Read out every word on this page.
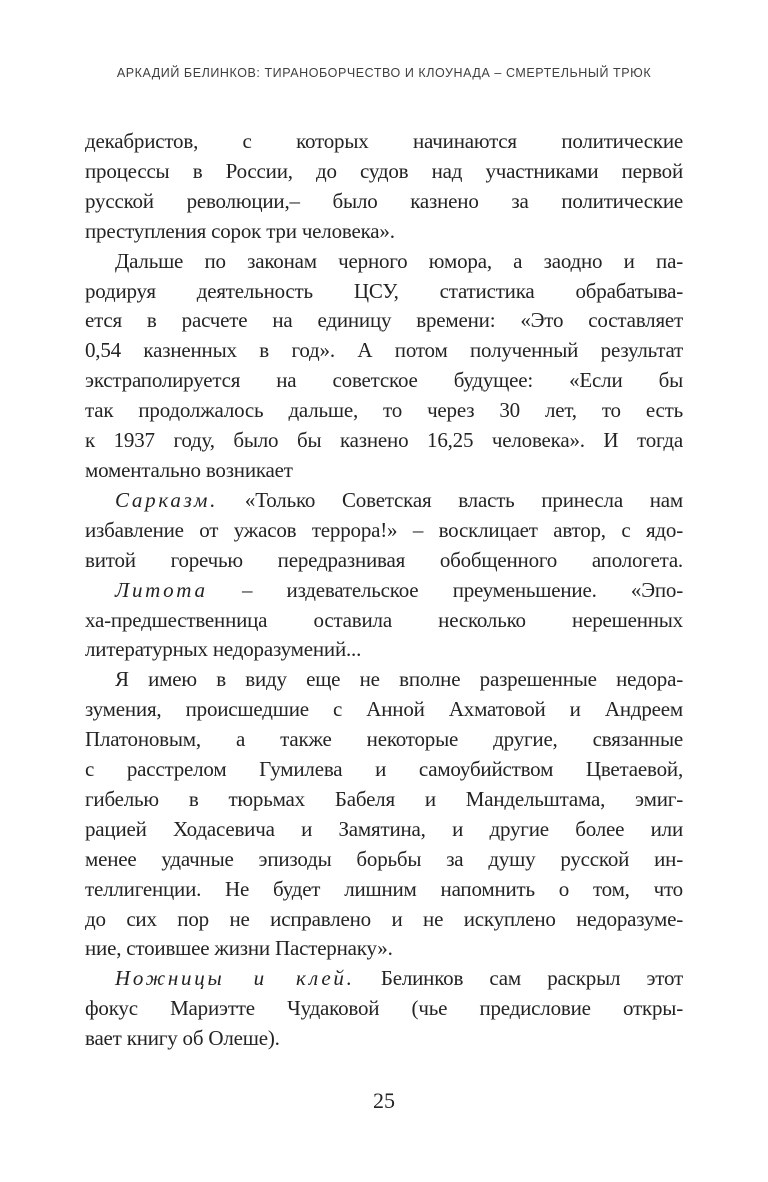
АРКАДИЙ БЕЛИНКОВ: ТИРАНОБОРЧЕСТВО И КЛОУНАДА – СМЕРТЕЛЬНЫЙ ТРЮК
декабристов, с которых начинаются политические
процессы в России, до судов над участниками первой
русской революции,– было казнено за политические
преступления сорок три человека».
Дальше по законам черного юмора, а заодно и па-
родируя деятельность ЦСУ, статистика обрабатыва-
ется в расчете на единицу времени: «Это составляет
0,54 казненных в год». А потом полученный результат
экстраполируется на советское будущее: «Если бы
так продолжалось дальше, то через 30 лет, то есть
к 1937 году, было бы казнено 16,25 человека». И тогда
моментально возникает
Сарказм. «Только Советская власть принесла нам
избавление от ужасов террора!» – восклицает автор, с ядо-
витой горечью передразнивая обобщенного апологета.
Литота – издевательское преуменьшение. «Эпо-
ха-предшественница оставила несколько нерешенных
литературных недоразумений...
Я имею в виду еще не вполне разрешенные недора-
зумения, происшедшие с Анной Ахматовой и Андреем
Платоновым, а также некоторые другие, связанные
с расстрелом Гумилева и самоубийством Цветаевой,
гибелью в тюрьмах Бабеля и Мандельштама, эмиг-
рацией Ходасевича и Замятина, и другие более или
менее удачные эпизоды борьбы за душу русской ин-
теллигенции. Не будет лишним напомнить о том, что
до сих пор не исправлено и не искуплено недоразуме-
ние, стоившее жизни Пастернаку».
Ножницы и клей. Белинков сам раскрыл этот
фокус Мариэтте Чудаковой (чье предисловие откры-
вает книгу об Олеше).
25
